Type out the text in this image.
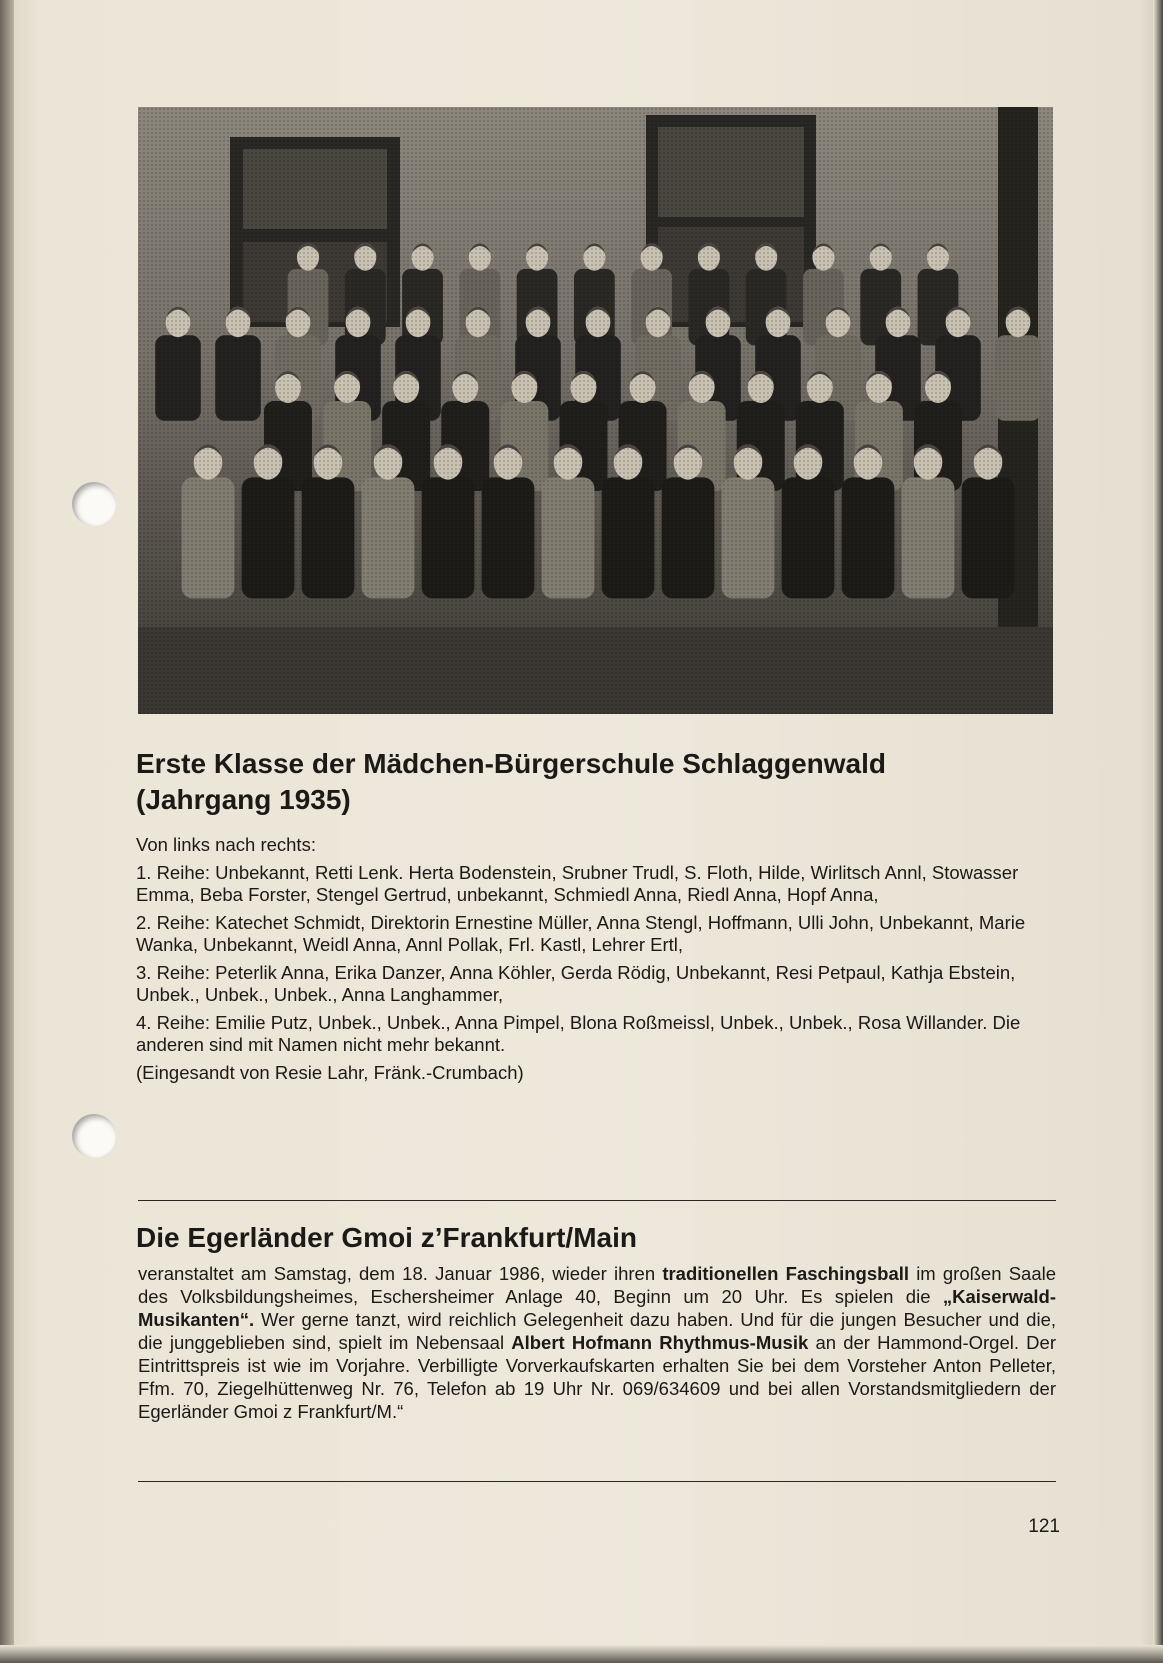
Erste Klasse der Mädchen-Bürgerschule Schlaggenwald
(Jahrgang 1935)

Von links nach rechts:

1. Reihe: Unbekannt, Retti Lenk. Herta Bodenstein, Srubner Trudl, S. Floth, Hilde, Wirlitsch Annl, Stowasser Emma, Beba Forster, Stengel Gertrud, unbekannt, Schmiedl Anna, Riedl Anna, Hopf Anna,

2. Reihe: Katechet Schmidt, Direktorin Ernestine Müller, Anna Stengl, Hoffmann, Ulli John, Unbekannt, Marie Wanka, Unbekannt, Weidl Anna, Annl Pollak, Frl. Kastl, Lehrer Ertl,

3. Reihe: Peterlik Anna, Erika Danzer, Anna Köhler, Gerda Rödig, Unbekannt, Resi Petpaul, Kathja Ebstein, Unbek., Unbek., Unbek., Anna Langhammer,

4. Reihe: Emilie Putz, Unbek., Unbek., Anna Pimpel, Blona Roßmeissl, Unbek., Unbek., Rosa Willander. Die anderen sind mit Namen nicht mehr bekannt.

(Eingesandt von Resie Lahr, Fränk.-Crumbach)

Die Egerländer Gmoi z’Frankfurt/Main
veranstaltet am Samstag, dem 18. Januar 1986, wieder ihren traditionellen Faschingsball im großen Saale des Volksbildungsheimes, Eschersheimer Anlage 40, Beginn um 20 Uhr. Es spielen die „Kaiserwald-Musikanten“. Wer gerne tanzt, wird reichlich Gelegenheit dazu haben. Und für die jungen Besucher und die, die junggeblieben sind, spielt im Nebensaal Albert Hofmann Rhythmus-Musik an der Hammond-Orgel. Der Eintrittspreis ist wie im Vorjahre. Verbilligte Vorverkaufskarten erhalten Sie bei dem Vorsteher Anton Pelleter, Ffm. 70, Ziegelhüttenweg Nr. 76, Telefon ab 19 Uhr Nr. 069/634609 und bei allen Vorstandsmitgliedern der Egerländer Gmoi z Frankfurt/M.“
121
